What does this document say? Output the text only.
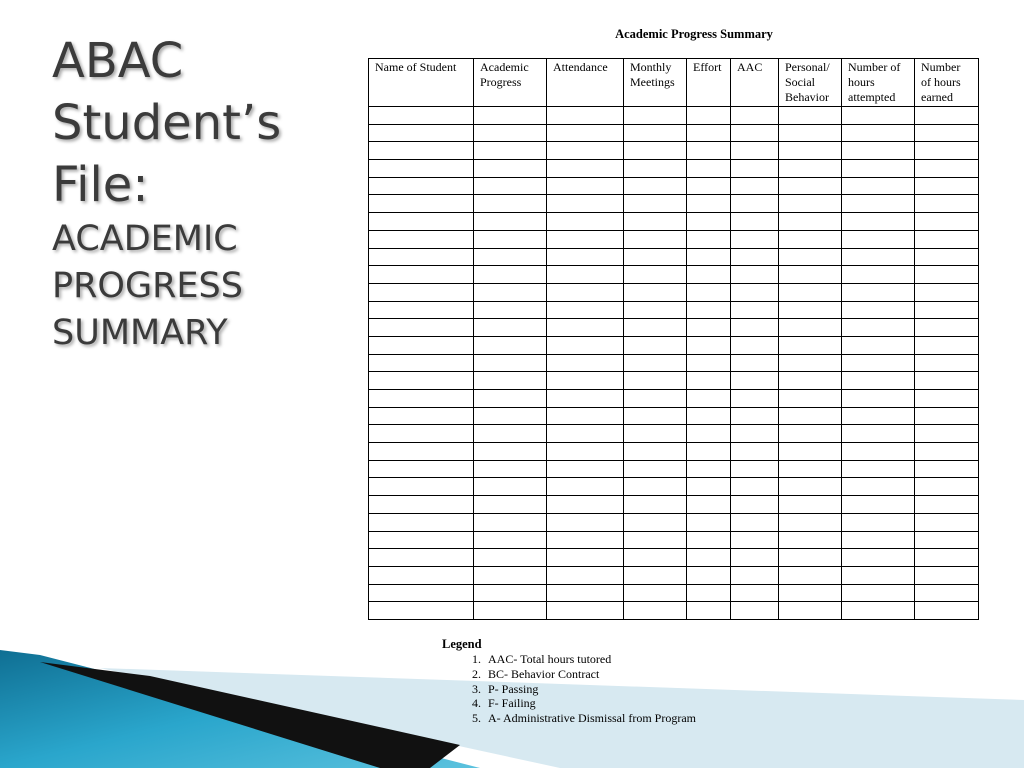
ABAC
Student’s
File:
ACADEMIC
PROGRESS
SUMMARY
Academic Progress Summary
Name of Student	Academic Progress	Attendance	Monthly Meetings	Effort	AAC	Personal/ Social Behavior	Number of hours attempted	Number of hours earned

Legend
1. AAC- Total hours tutored
2. BC- Behavior Contract
3. P- Passing
4. F- Failing
5. A- Administrative Dismissal from Program
